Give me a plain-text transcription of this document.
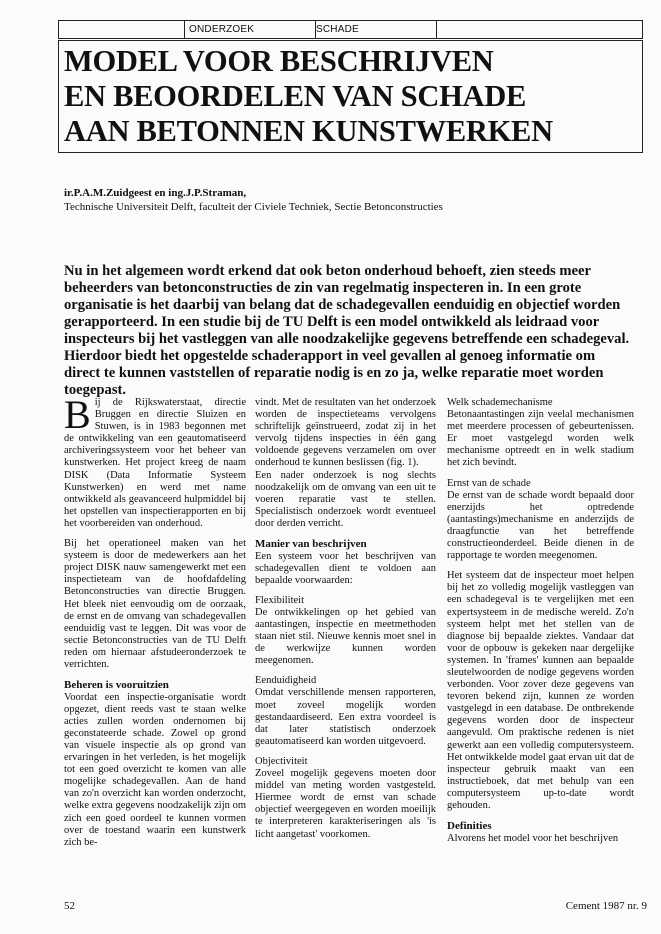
ONDERZOEK	SCHADE
MODEL VOOR BESCHRIJVEN
EN BEOORDELEN VAN SCHADE
AAN BETONNEN KUNSTWERKEN
ir.P.A.M.Zuidgeest en ing.J.P.Straman,
Technische Universiteit Delft, faculteit der Civiele Techniek, Sectie Betonconstructies

Nu in het algemeen wordt erkend dat ook beton onderhoud behoeft, zien steeds meer beheerders van betonconstructies de zin van regelmatig inspecteren in. In een grote organisatie is het daarbij van belang dat de schadegevallen eenduidig en objectief worden gerapporteerd. In een studie bij de TU Delft is een model ontwikkeld als leidraad voor inspecteurs bij het vastleggen van alle noodzakelijke gegevens betreffende een schadegeval. Hierdoor biedt het opgestelde schaderapport in veel gevallen al genoeg informatie om direct te kunnen vaststellen of reparatie nodig is en zo ja, welke reparatie moet worden toegepast.

Bij de Rijkswaterstaat, directie Bruggen en directie Sluizen en Stuwen, is in 1983 begonnen met de ontwikkeling van een geautomatiseerd archiveringssysteem voor het beheer van kunstwerken. Het project kreeg de naam DISK (Data Informatie Systeem Kunstwerken) en werd met name ontwikkeld als geavanceerd hulpmiddel bij het opstellen van inspectierapporten en bij het voorbereiden van onderhoud.

Bij het operationeel maken van het systeem is door de medewerkers aan het project DISK nauw samengewerkt met een inspectieteam van de hoofdafdeling Betonconstructies van directie Bruggen. Het bleek niet eenvoudig om de oorzaak, de ernst en de omvang van schadegevallen eenduidig vast te leggen. Dit was voor de sectie Betonconstructies van de TU Delft reden om hiernaar afstudeeronderzoek te verrichten.

Beheren is vooruitzien

Voordat een inspectie-organisatie wordt opgezet, dient reeds vast te staan welke acties zullen worden ondernomen bij geconstateerde schade. Zowel op grond van visuele inspectie als op grond van ervaringen in het verleden, is het mogelijk tot een goed overzicht te komen van alle mogelijke schadegevallen. Aan de hand van zo'n overzicht kan worden onderzocht, welke extra gegevens noodzakelijk zijn om zich een goed oordeel te kunnen vormen over de toestand waarin een kunstwerk zich be-

vindt. Met de resultaten van het onderzoek worden de inspectieteams vervolgens schriftelijk geïnstrueerd, zodat zij in het vervolg tijdens inspecties in één gang voldoende gegevens verzamelen om over onderhoud te kunnen beslissen (fig. 1).

Een nader onderzoek is nog slechts noodzakelijk om de omvang van een uit te voeren reparatie vast te stellen. Specialistisch onderzoek wordt eventueel door derden verricht.

Manier van beschrijven

Een systeem voor het beschrijven van schadegevallen dient te voldoen aan bepaalde voorwaarden:

Flexibiliteit

De ontwikkelingen op het gebied van aantastingen, inspectie en meetmethoden staan niet stil. Nieuwe kennis moet snel in de werkwijze kunnen worden meegenomen.

Eenduidigheid

Omdat verschillende mensen rapporteren, moet zoveel mogelijk worden gestandaardiseerd. Een extra voordeel is dat later statistisch onderzoek geautomatiseerd kan worden uitgevoerd.

Objectiviteit

Zoveel mogelijk gegevens moeten door middel van meting worden vastgesteld. Hiermee wordt de ernst van schade objectief weergegeven en worden moeilijk te interpreteren karakteriseringen als 'is licht aangetast' voorkomen.

Welk schademechanisme

Betonaantastingen zijn veelal mechanismen met meerdere processen of gebeurtenissen. Er moet vastgelegd worden welk mechanisme optreedt en in welk stadium het zich bevindt.

Ernst van de schade

De ernst van de schade wordt bepaald door enerzijds het optredende (aantastings)mechanisme en anderzijds de draagfunctie van het betreffende constructieonderdeel. Beide dienen in de rapportage te worden meegenomen.

Het systeem dat de inspecteur moet helpen bij het zo volledig mogelijk vastleggen van een schadegeval is te vergelijken met een expertsysteem in de medische wereld. Zo'n systeem helpt met het stellen van de diagnose bij bepaalde ziektes. Vandaar dat voor de opbouw is gekeken naar dergelijke systemen. In 'frames' kunnen aan bepaalde sleutelwoorden de nodige gegevens worden verbonden. Voor zover deze gegevens van tevoren bekend zijn, kunnen ze worden vastgelegd in een database. De ontbrekende gegevens worden door de inspecteur aangevuld. Om praktische redenen is niet gewerkt aan een volledig computersysteem. Het ontwikkelde model gaat ervan uit dat de inspecteur gebruik maakt van een instructieboek, dat met behulp van een computersysteem up-to-date wordt gehouden.

Definities

Alvorens het model voor het beschrijven

52	Cement 1987 nr. 9
